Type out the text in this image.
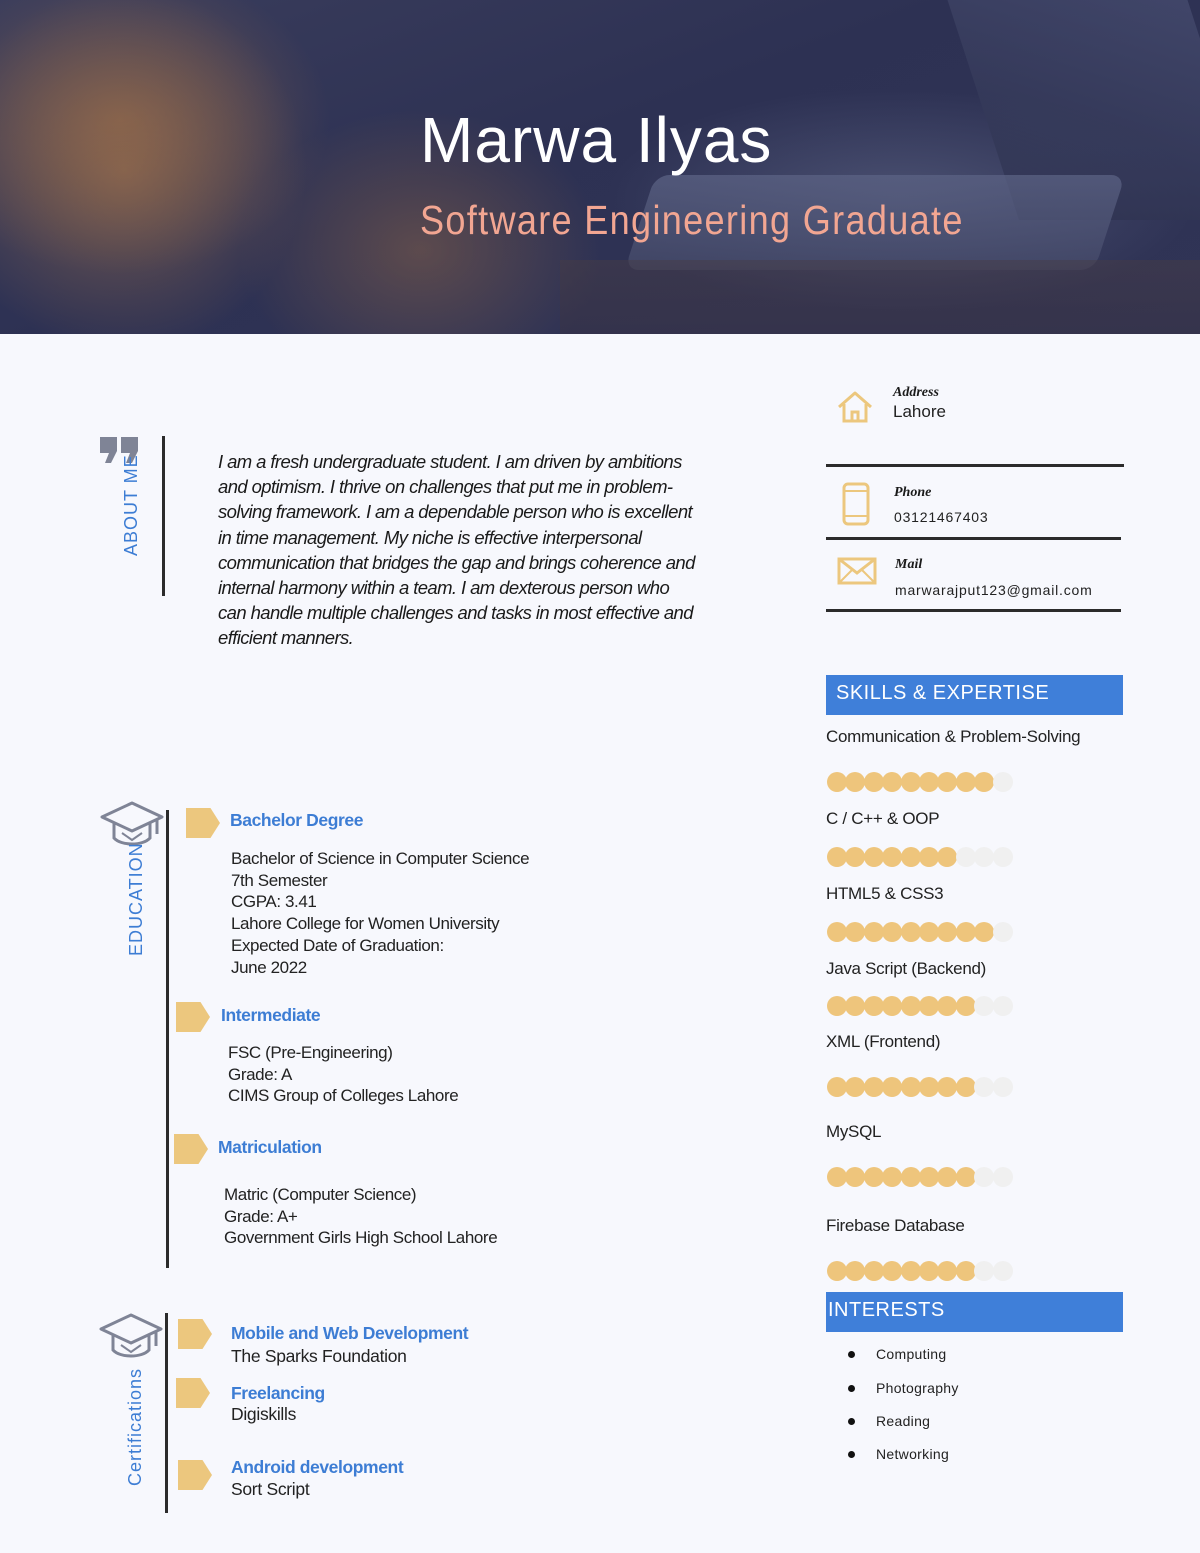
Marwa Ilyas
Software Engineering Graduate
ABOUT ME	I am a fresh undergraduate student. I am driven by ambitions and optimism. I thrive on challenges that put me in problem-solving framework. I am a dependable person who is excellent in time management. My niche is effective interpersonal communication that bridges the gap and brings coherence and internal harmony within a team. I am dexterous person who can handle multiple challenges and tasks in most effective and efficient manners.
EDUCATION
Bachelor Degree
Bachelor of Science in Computer Science
7th Semester
CGPA: 3.41
Lahore College for Women University
Expected Date of Graduation:
June 2022
Intermediate
FSC (Pre-Engineering)
Grade: A
CIMS Group of Colleges Lahore
Matriculation
Matric (Computer Science)
Grade: A+
Government Girls High School Lahore
Certifications
Mobile and Web Development
The Sparks Foundation
Freelancing
Digiskills
Android development
Sort Script
Address
Lahore
Phone
03121467403
Mail
marwarajput123@gmail.com
SKILLS & EXPERTISE
Communication & Problem-Solving
C / C++ & OOP
HTML5 & CSS3
Java Script (Backend)
XML (Frontend)
MySQL
Firebase Database
INTERESTS
Computing
Photography
Reading
Networking
